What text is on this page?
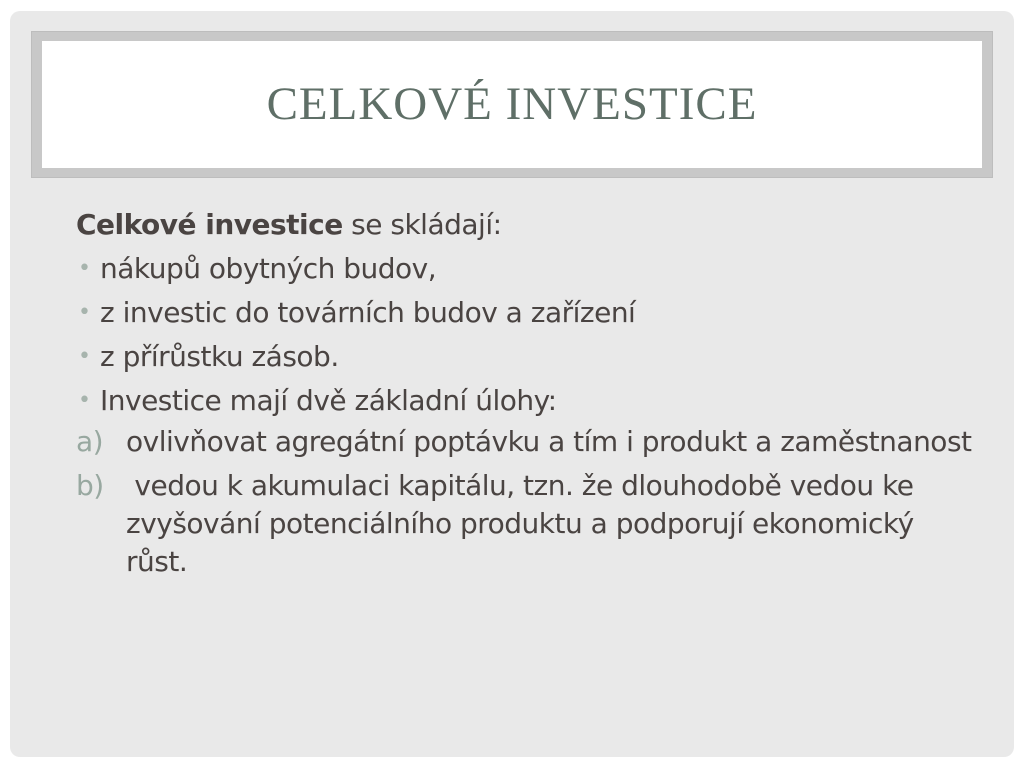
CELKOVÉ INVESTICE

Celkové investice se skládají:

• nákupů obytných budov,
• z investic do továrních budov a zařízení
• z přírůstku zásob.
• Investice mají dvě základní úlohy:
a) ovlivňovat agregátní poptávku a tím i produkt a zaměstnanost
b) vedou k akumulaci kapitálu, tzn. že dlouhodobě vedou ke zvyšování potenciálního produktu a podporují ekonomický růst.
